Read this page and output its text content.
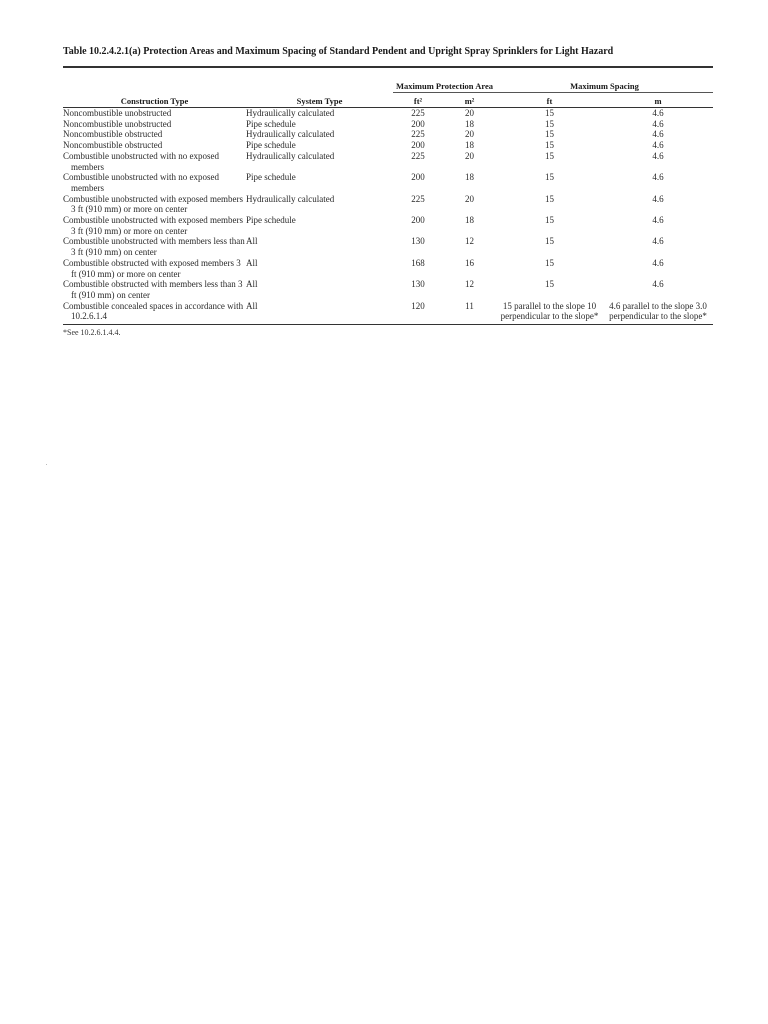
Table 10.2.4.2.1(a) Protection Areas and Maximum Spacing of Standard Pendent and Upright Spray Sprinklers for Light Hazard
		Maximum Protection Area		Maximum Spacing	
Construction Type	System Type	ft²	m²	ft	m

Noncombustible unobstructed	Hydraulically calculated	225	20	15	4.6
Noncombustible unobstructed	Pipe schedule	200	18	15	4.6
Noncombustible obstructed	Hydraulically calculated	225	20	15	4.6
Noncombustible obstructed	Pipe schedule	200	18	15	4.6
Combustible unobstructed with no exposed members	Hydraulically calculated	225	20	15	4.6
Combustible unobstructed with no exposed members	Pipe schedule	200	18	15	4.6
Combustible unobstructed with exposed members 3 ft (910 mm) or more on center	Hydraulically calculated	225	20	15	4.6
Combustible unobstructed with exposed members 3 ft (910 mm) or more on center	Pipe schedule	200	18	15	4.6
Combustible unobstructed with members less than 3 ft (910 mm) on center	All	130	12	15	4.6
Combustible obstructed with exposed members 3 ft (910 mm) or more on center	All	168	16	15	4.6
Combustible obstructed with members less than 3 ft (910 mm) on center	All	130	12	15	4.6
Combustible concealed spaces in accordance with 10.2.6.1.4	All	120	11	15 parallel to the slope 10 perpendicular to the slope*	4.6 parallel to the slope 3.0 perpendicular to the slope*
*See 10.2.6.1.4.4.
